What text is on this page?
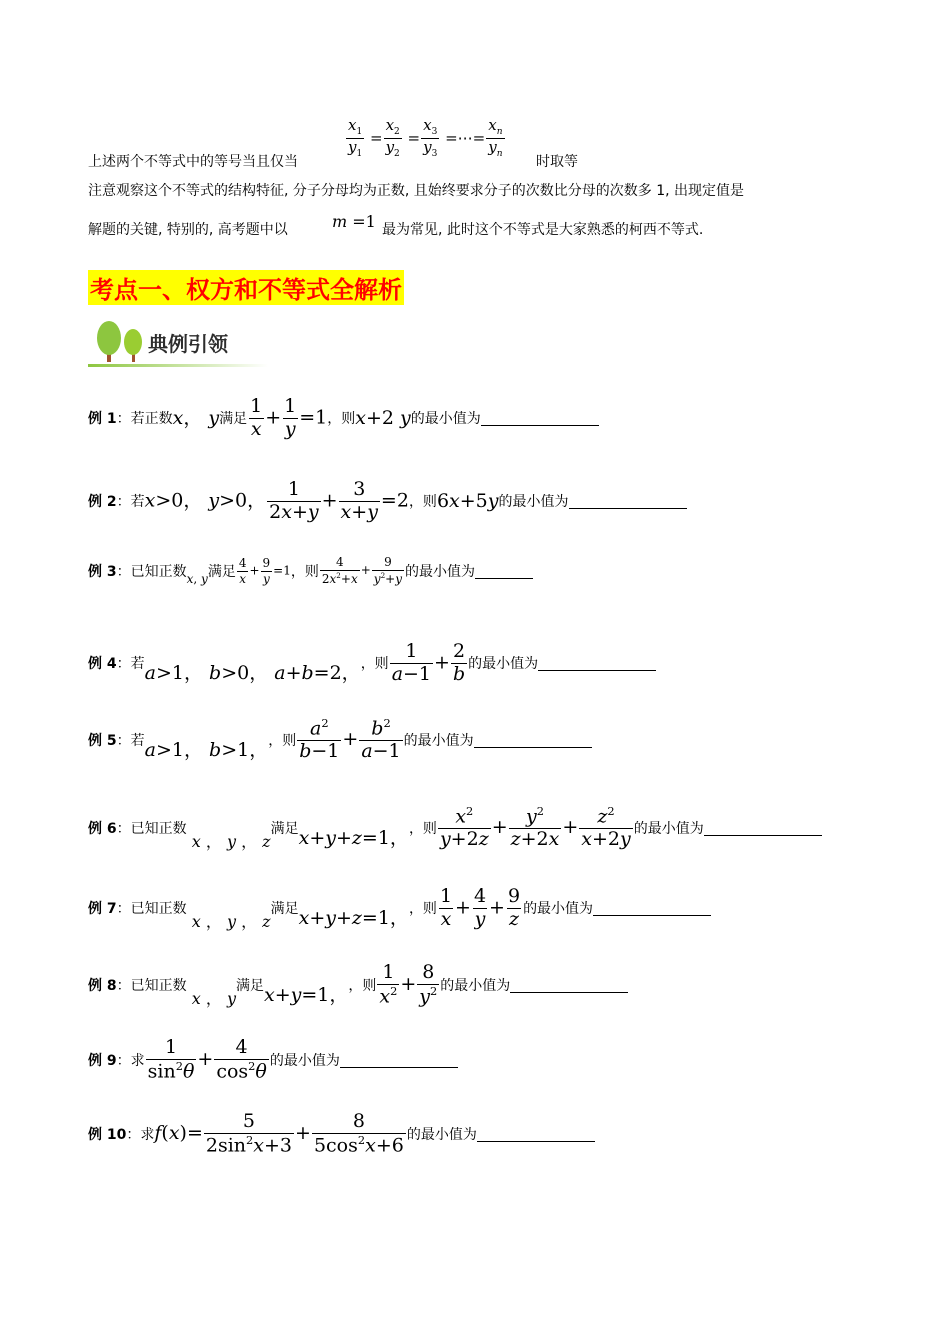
$\frac{x_1}{y_1} = \frac{x_2}{y_2} = \frac{x_3}{y_3}$ =⋯= $\frac{x_n}{y_n}$
上述两个不等式中的等号当且仅当	时取等
注意观察这个不等式的结构特征, 分子分母均为正数, 且始终要求分子的次数比分母的次数多 1, 出现定值是
解题的关键, 特别的, 高考题中以	m =1 最为常见, 此时这个不等式是大家熟悉的柯西不等式.
考点一、权方和不等式全解析
典例引领
例 1 ： 若正数 x， y 满足 $\frac{1}{x} + \frac{1}{y} =1$ ，则 x+2 y 的最小值为
例 2 ： 若 x>0， y>0， $\frac{1}{2x+y} + \frac{3}{x+y} =2$ ，则 6x+5y 的最小值为
例 3 ： 已知正数 x, y 满足 $\frac{4}{x} + \frac{9}{y} =1$ ，则 $\frac{4}{2x^2+x} + \frac{9}{y^2+y}$ 的最小值为
例 4 ： 若 a>1， b>0， a+b=2， ，则 $\frac{1}{a-1} + \frac{2}{b}$ 的最小值为
例 5 ： 若 a>1， b>1， ，则 $\frac{a^2}{b-1} + \frac{b^2}{a-1}$ 的最小值为
例 6 ： 已知正数
x ， y ， z
满足 x+y+z=1， ，则 $\frac{x^2}{y+2z} + \frac{y^2}{z+2x} + \frac{z^2}{x+2y}$ 的最小值为
例 7 ： 已知正数
x ， y ， z
满足 x+y+z=1， ，则 $\frac{1}{x} + \frac{4}{y} + \frac{9}{z}$ 的最小值为
例 8 ： 已知正数
x ， y
满足 x+y=1， ，则 $\frac{1}{x^2} + \frac{8}{y^2}$ 的最小值为
例 9 ： 求 $\frac{1}{\sin^2\theta} + \frac{4}{\cos^2\theta}$ 的最小值为
例 10 ： 求 $f(x)= \frac{5}{2\sin^2x+3} + \frac{8}{5\cos^2x+6}$ 的最小值为
